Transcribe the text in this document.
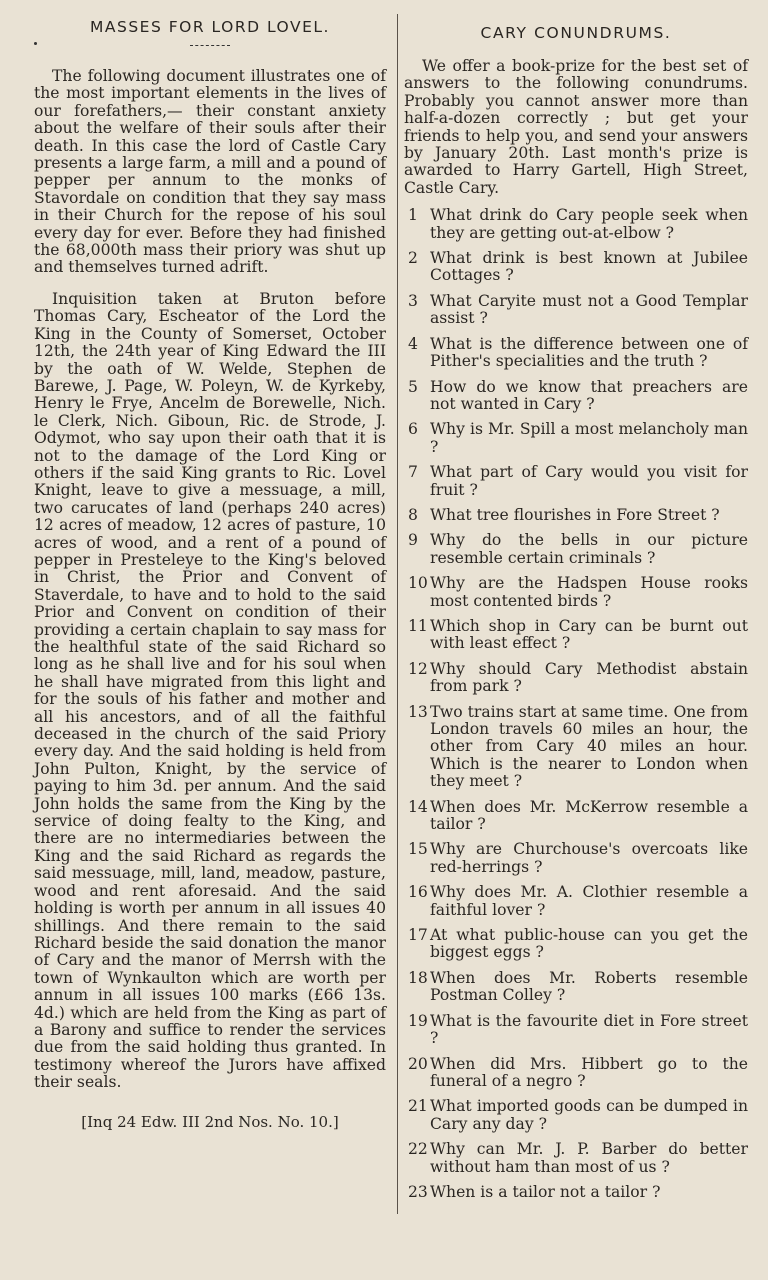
MASSES FOR LORD LOVEL.

The following document illustrates one of the most important elements in the lives of our forefathers,— their constant anxiety about the welfare of their souls after their death. In this case the lord of Castle Cary presents a large farm, a mill and a pound of pepper per annum to the monks of Stavordale on condition that they say mass in their Church for the repose of his soul every day for ever. Before they had finished the 68,000th mass their priory was shut up and themselves turned adrift.

Inquisition taken at Bruton before Thomas Cary, Escheator of the Lord the King in the County of Somerset, October 12th, the 24th year of King Edward the III by the oath of W. Welde, Stephen de Barewe, J. Page, W. Poleyn, W. de Kyrkeby, Henry le Frye, Ancelm de Borewelle, Nich. le Clerk, Nich. Giboun, Ric. de Strode, J. Odymot, who say upon their oath that it is not to the damage of the Lord King or others if the said King grants to Ric. Lovel Knight, leave to give a messuage, a mill, two carucates of land (perhaps 240 acres) 12 acres of meadow, 12 acres of pasture, 10 acres of wood, and a rent of a pound of pepper in Presteleye to the King's beloved in Christ, the Prior and Convent of Staverdale, to have and to hold to the said Prior and Convent on condition of their providing a certain chaplain to say mass for the healthful state of the said Richard so long as he shall live and for his soul when he shall have migrated from this light and for the souls of his father and mother and all his ancestors, and of all the faithful deceased in the church of the said Priory every day. And the said holding is held from John Pulton, Knight, by the service of paying to him 3d. per annum. And the said John holds the same from the King by the service of doing fealty to the King, and there are no intermediaries between the King and the said Richard as regards the said messuage, mill, land, meadow, pasture, wood and rent aforesaid. And the said holding is worth per annum in all issues 40 shillings. And there remain to the said Richard beside the said donation the manor of Cary and the manor of Merrsh with the town of Wynkaulton which are worth per annum in all issues 100 marks (£66 13s. 4d.) which are held from the King as part of a Barony and suffice to render the services due from the said holding thus granted. In testimony whereof the Jurors have affixed their seals.

[Inq 24 Edw. III 2nd Nos. No. 10.]

CARY CONUNDRUMS.

We offer a book-prize for the best set of answers to the following conundrums. Probably you cannot answer more than half-a-dozen correctly ; but get your friends to help you, and send your answers by January 20th. Last month's prize is awarded to Harry Gartell, High Street, Castle Cary.

1 What drink do Cary people seek when they are getting out-at-elbow ?
2 What drink is best known at Jubilee Cottages ?
3 What Caryite must not a Good Templar assist ?
4 What is the difference between one of Pither's specialities and the truth ?
5 How do we know that preachers are not wanted in Cary ?
6 Why is Mr. Spill a most melancholy man ?
7 What part of Cary would you visit for fruit ?
8 What tree flourishes in Fore Street ?
9 Why do the bells in our picture resemble certain criminals ?
10 Why are the Hadspen House rooks most contented birds ?
11 Which shop in Cary can be burnt out with least effect ?
12 Why should Cary Methodist abstain from park ?
13 Two trains start at same time. One from London travels 60 miles an hour, the other from Cary 40 miles an hour. Which is the nearer to London when they meet ?
14 When does Mr. McKerrow resemble a tailor ?
15 Why are Churchouse's overcoats like red-herrings ?
16 Why does Mr. A. Clothier resemble a faithful lover ?
17 At what public-house can you get the biggest eggs ?
18 When does Mr. Roberts resemble Postman Colley ?
19 What is the favourite diet in Fore street ?
20 When did Mrs. Hibbert go to the funeral of a negro ?
21 What imported goods can be dumped in Cary any day ?
22 Why can Mr. J. P. Barber do better without ham than most of us ?
23 When is a tailor not a tailor ?
